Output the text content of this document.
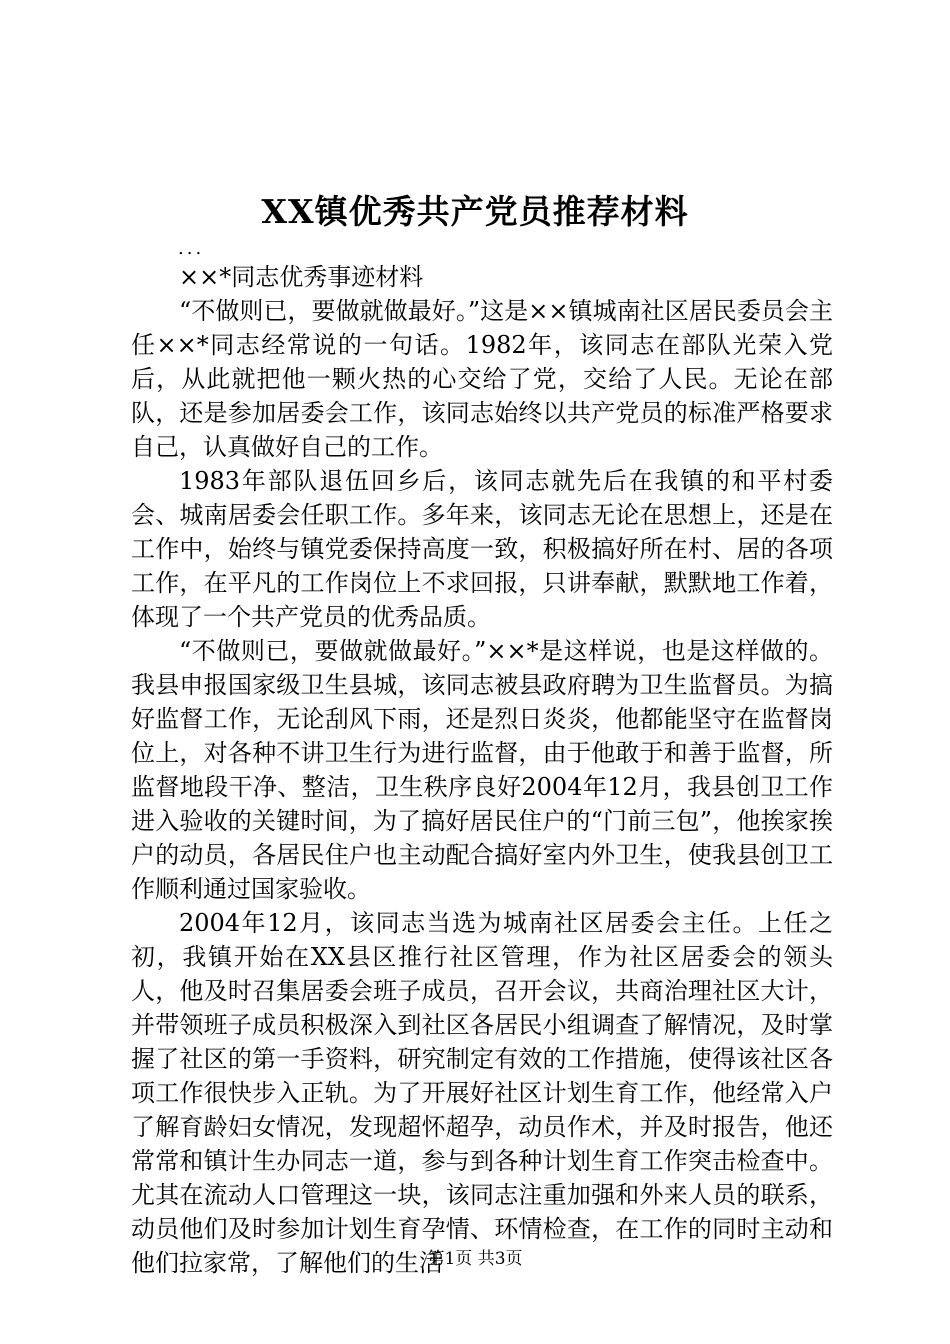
XX镇优秀共产党员推荐材料
...
××*同志优秀事迹材料

“不做则已，要做就做最好。”这是××镇城南社区居民委员会主任××*同志经常说的一句话。1982年，该同志在部队光荣入党后，从此就把他一颗火热的心交给了党，交给了人民。无论在部队，还是参加居委会工作，该同志始终以共产党员的标准严格要求自己，认真做好自己的工作。

1983年部队退伍回乡后，该同志就先后在我镇的和平村委会、城南居委会任职工作。多年来，该同志无论在思想上，还是在工作中，始终与镇党委保持高度一致，积极搞好所在村、居的各项工作，在平凡的工作岗位上不求回报，只讲奉献，默默地工作着，体现了一个共产党员的优秀品质。

“不做则已，要做就做最好。”××*是这样说，也是这样做的。我县申报国家级卫生县城，该同志被县政府聘为卫生监督员。为搞好监督工作，无论刮风下雨，还是烈日炎炎，他都能坚守在监督岗位上，对各种不讲卫生行为进行监督，由于他敢于和善于监督，所监督地段干净、整洁，卫生秩序良好2004年12月，我县创卫工作进入验收的关键时间，为了搞好居民住户的“门前三包”，他挨家挨户的动员，各居民住户也主动配合搞好室内外卫生，使我县创卫工作顺利通过国家验收。

2004年12月，该同志当选为城南社区居委会主任。上任之初，我镇开始在XX县区推行社区管理，作为社区居委会的领头人，他及时召集居委会班子成员，召开会议，共商治理社区大计，并带领班子成员积极深入到社区各居民小组调查了解情况，及时掌握了社区的第一手资料，研究制定有效的工作措施，使得该社区各项工作很快步入正轨。为了开展好社区计划生育工作，他经常入户了解育龄妇女情况，发现超怀超孕，动员作术，并及时报告，他还常常和镇计生办同志一道，参与到各种计划生育工作突击检查中。尤其在流动人口管理这一块，该同志注重加强和外来人员的联系，动员他们及时参加计划生育孕情、环情检查，在工作的同时主动和他们拉家常，了解他们的生活

第1页 共3页
